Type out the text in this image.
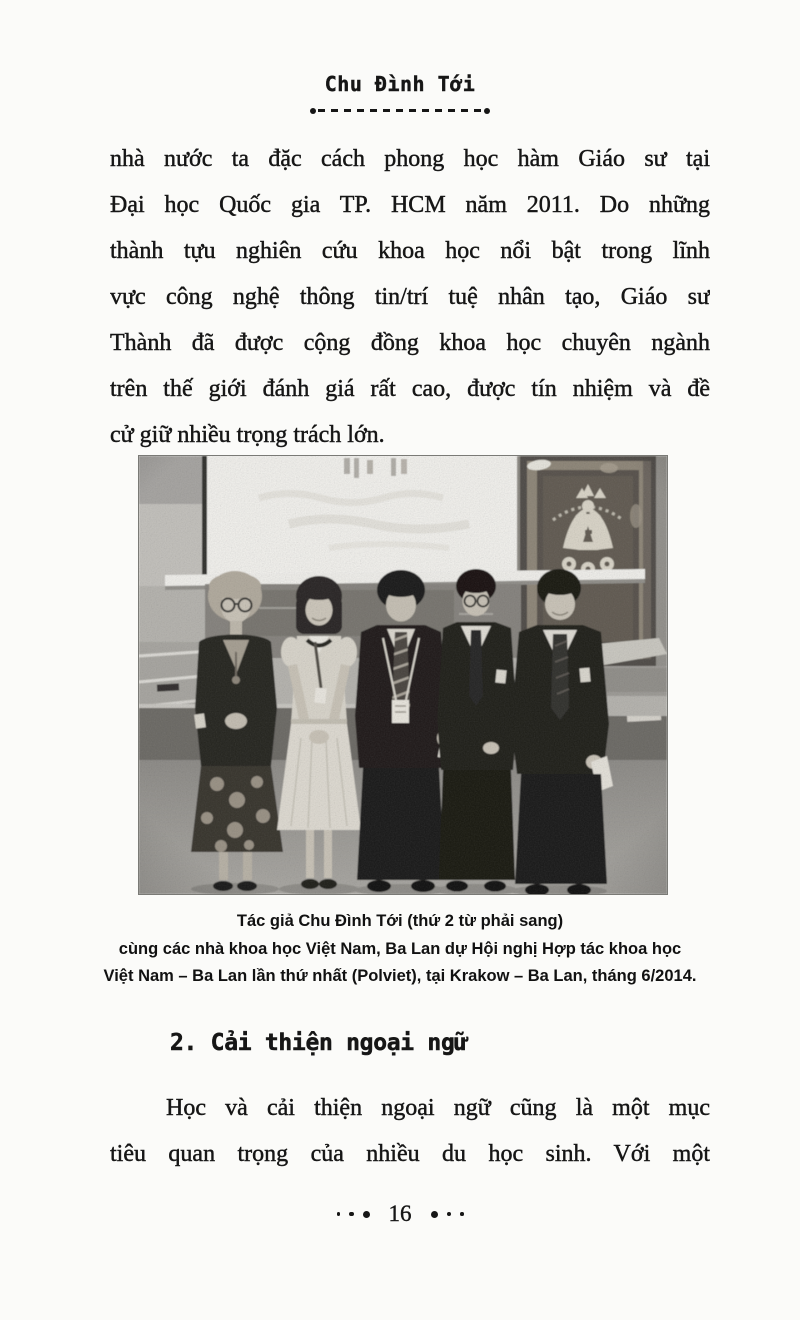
Chu Đình Tới
nhà nước ta đặc cách phong học hàm Giáo sư tại
Đại học Quốc gia TP. HCM năm 2011. Do những
thành tựu nghiên cứu khoa học nổi bật trong lĩnh
vực công nghệ thông tin/trí tuệ nhân tạo, Giáo sư
Thành đã được cộng đồng khoa học chuyên ngành
trên thế giới đánh giá rất cao, được tín nhiệm và đề
cử giữ nhiều trọng trách lớn.
Tác giả Chu Đình Tới (thứ 2 từ phải sang)
cùng các nhà khoa học Việt Nam, Ba Lan dự Hội nghị Hợp tác khoa học
Việt Nam – Ba Lan lần thứ nhất (Polviet), tại Krakow – Ba Lan, tháng 6/2014.
2. Cải thiện ngoại ngữ
Học và cải thiện ngoại ngữ cũng là một mục
tiêu quan trọng của nhiều du học sinh. Với một
16
